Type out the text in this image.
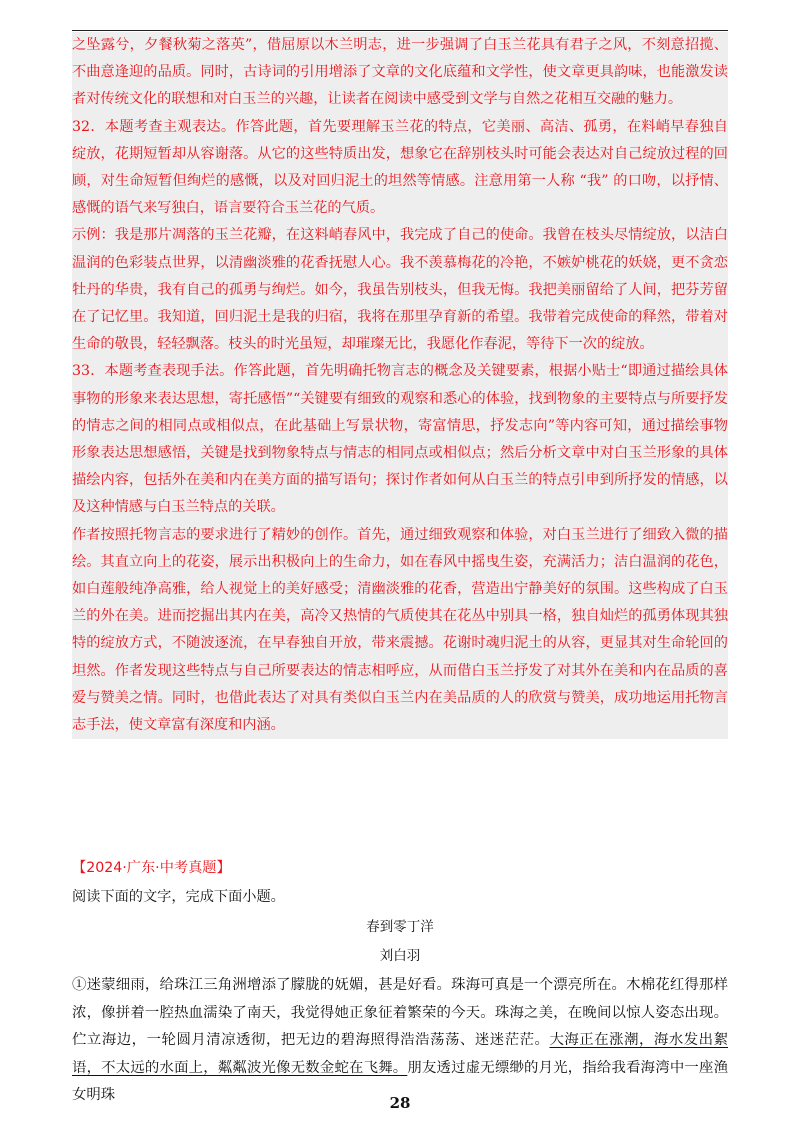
之坠露兮，夕餐秋菊之落英”，借屈原以木兰明志，进一步强调了白玉兰花具有君子之风，不刻意招揽、不曲意逢迎的品质。同时，古诗词的引用增添了文章的文化底蕴和文学性，使文章更具韵味，也能激发读者对传统文化的联想和对白玉兰的兴趣，让读者在阅读中感受到文学与自然之花相互交融的魅力。

32．本题考查主观表达。作答此题，首先要理解玉兰花的特点，它美丽、高洁、孤勇，在料峭早春独自绽放，花期短暂却从容谢落。从它的这些特质出发，想象它在辞别枝头时可能会表达对自己绽放过程的回顾，对生命短暂但绚烂的感慨，以及对回归泥土的坦然等情感。注意用第一人称 “我” 的口吻，以抒情、感慨的语气来写独白，语言要符合玉兰花的气质。

示例：我是那片凋落的玉兰花瓣，在这料峭春风中，我完成了自己的使命。我曾在枝头尽情绽放，以洁白温润的色彩装点世界，以清幽淡雅的花香抚慰人心。我不羡慕梅花的冷艳，不嫉妒桃花的妖娆，更不贪恋牡丹的华贵，我有自己的孤勇与绚烂。如今，我虽告别枝头，但我无悔。我把美丽留给了人间，把芬芳留在了记忆里。我知道，回归泥土是我的归宿，我将在那里孕育新的希望。我带着完成使命的释然，带着对生命的敬畏，轻轻飘落。枝头的时光虽短，却璀璨无比，我愿化作春泥，等待下一次的绽放。

33．本题考查表现手法。作答此题，首先明确托物言志的概念及关键要素，根据小贴士“即通过描绘具体事物的形象来表达思想，寄托感悟”“关键要有细致的观察和悉心的体验，找到物象的主要特点与所要抒发的情志之间的相同点或相似点，在此基础上写景状物，寄富情思，抒发志向”等内容可知，通过描绘事物形象表达思想感悟，关键是找到物象特点与情志的相同点或相似点；然后分析文章中对白玉兰形象的具体描绘内容，包括外在美和内在美方面的描写语句；探讨作者如何从白玉兰的特点引申到所抒发的情感，以及这种情感与白玉兰特点的关联。

作者按照托物言志的要求进行了精妙的创作。首先，通过细致观察和体验，对白玉兰进行了细致入微的描绘。其直立向上的花姿，展示出积极向上的生命力，如在春风中摇曳生姿，充满活力；洁白温润的花色，如白莲般纯净高雅，给人视觉上的美好感受；清幽淡雅的花香，营造出宁静美好的氛围。这些构成了白玉兰的外在美。进而挖掘出其内在美，高冷又热情的气质使其在花丛中别具一格，独自灿烂的孤勇体现其独特的绽放方式，不随波逐流，在早春独自开放，带来震撼。花谢时魂归泥土的从容，更显其对生命轮回的坦然。作者发现这些特点与自己所要表达的情志相呼应，从而借白玉兰抒发了对其外在美和内在品质的喜爱与赞美之情。同时，也借此表达了对具有类似白玉兰内在美品质的人的欣赏与赞美，成功地运用托物言志手法，使文章富有深度和内涵。

【2024·广东·中考真题】
阅读下面的文字，完成下面小题。
春到零丁洋
刘白羽

①迷蒙细雨，给珠江三角洲增添了朦胧的妩媚，甚是好看。珠海可真是一个漂亮所在。木棉花红得那样浓，像拼着一腔热血濡染了南天，我觉得她正象征着繁荣的今天。珠海之美，在晚间以惊人姿态出现。伫立海边，一轮圆月清凉透彻，把无边的碧海照得浩浩荡荡、迷迷茫茫。大海正在涨潮，海水发出絮语，不太远的水面上，粼粼波光像无数金蛇在飞舞。朋友透过虚无缥缈的月光，指给我看海湾中一座渔女明珠	28
